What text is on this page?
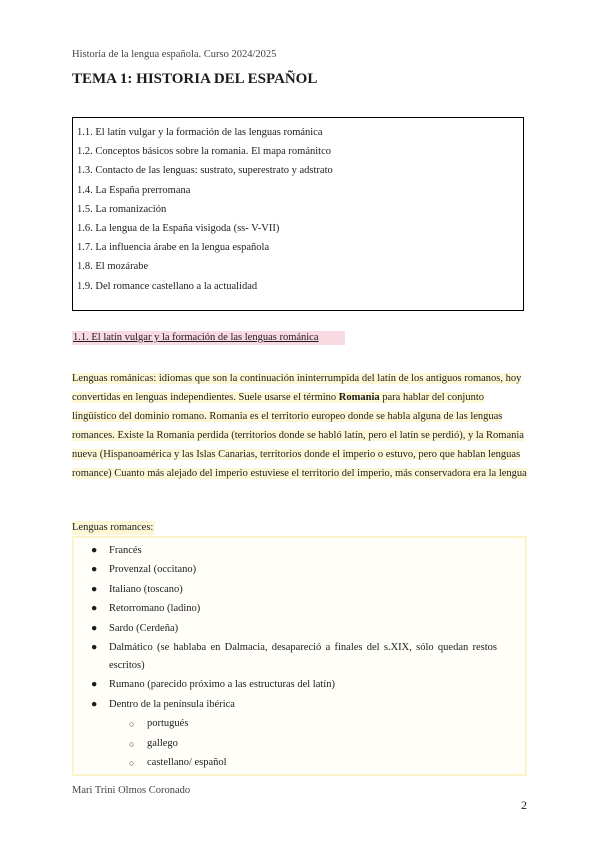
Historia de la lengua española. Curso 2024/2025
TEMA 1: HISTORIA DEL ESPAÑOL
1.1. El latín vulgar y la formación de las lenguas románica
1.2. Conceptos básicos sobre la romania. El mapa románitco
1.3. Contacto de las lenguas: sustrato, superestrato y adstrato
1.4. La España prerromana
1.5. La romanización
1.6. La lengua de la España visigoda (ss- V-VII)
1.7. La influencia árabe en la lengua española
1.8. El mozárabe
1.9. Del romance castellano a la actualidad
1.1. El latín vulgar y la formación de las lenguas románica
Lenguas románicas: idiomas que son la continuación ininterrumpida del latín de los antiguos romanos, hoy convertidas en lenguas independientes. Suele usarse el término Romania para hablar del conjunto lingüístico del dominio romano. Romania es el territorio europeo donde se habla alguna de las lenguas romances. Existe la Romania perdida (territorios donde se habló latín, pero el latín se perdió), y la Romania nueva (Hispanoamérica y las Islas Canarias, territorios donde el imperio o estuvo, pero que hablan lenguas romance) Cuanto más alejado del imperio estuviese el territorio del imperio, más conservadora era la lengua
Lenguas romances:
● Francés
● Provenzal (occitano)
● Italiano (toscano)
● Retorromano (ladino)
● Sardo (Cerdeña)
● Dalmático (se hablaba en Dalmacia, desapareció a finales del s.XIX, sólo quedan restos escritos)
● Rumano (parecido próximo a las estructuras del latín)
● Dentro de la península ibérica
○ portugués
○ gallego
○ castellano/ español
Mari Trini Olmos Coronado
2
